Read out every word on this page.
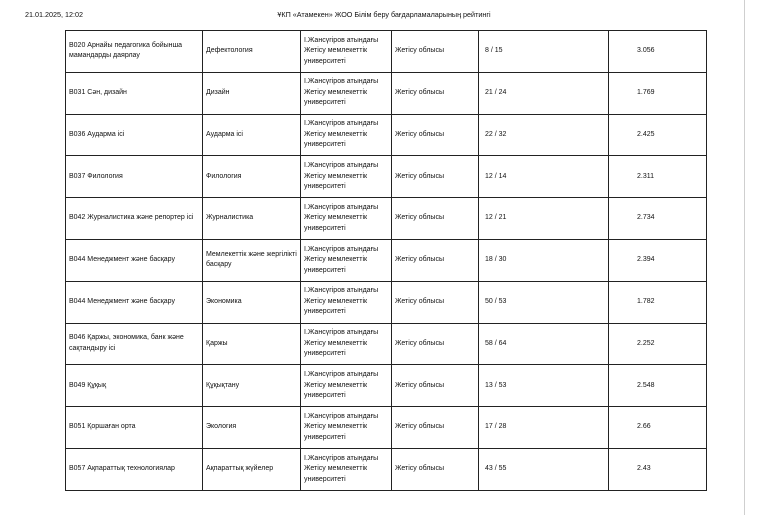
21.01.2025, 12:02	ҰКП «Атамекен» ЖОО Білім беру бағдарламаларының рейтингі
B020 Арнайы педагогика бойынша мамандарды даярлау	Дефектология	І.Жансүгіров атындағы Жетісу мемлекеттік университеті	Жетісу облысы	8 / 15	3.056
B031 Сән, дизайн	Дизайн	І.Жансүгіров атындағы Жетісу мемлекеттік университеті	Жетісу облысы	21 / 24	1.769
B036 Аударма ісі	Аударма ісі	І.Жансүгіров атындағы Жетісу мемлекеттік университеті	Жетісу облысы	22 / 32	2.425
B037 Филология	Филология	І.Жансүгіров атындағы Жетісу мемлекеттік университеті	Жетісу облысы	12 / 14	2.311
B042 Журналистика және репортер ісі	Журналистика	І.Жансүгіров атындағы Жетісу мемлекеттік университеті	Жетісу облысы	12 / 21	2.734
B044 Менеджмент және басқару	Мемлекеттік және жергілікті басқару	І.Жансүгіров атындағы Жетісу мемлекеттік университеті	Жетісу облысы	18 / 30	2.394
B044 Менеджмент және басқару	Экономика	І.Жансүгіров атындағы Жетісу мемлекеттік университеті	Жетісу облысы	50 / 53	1.782
B046 Қаржы, экономика, банк және сақтандыру ісі	Қаржы	І.Жансүгіров атындағы Жетісу мемлекеттік университеті	Жетісу облысы	58 / 64	2.252
B049 Құқық	Құқықтану	І.Жансүгіров атындағы Жетісу мемлекеттік университеті	Жетісу облысы	13 / 53	2.548
B051 Қоршаған орта	Экология	І.Жансүгіров атындағы Жетісу мемлекеттік университеті	Жетісу облысы	17 / 28	2.66
B057 Ақпараттық технологиялар	Ақпараттық жүйелер	І.Жансүгіров атындағы Жетісу мемлекеттік университеті	Жетісу облысы	43 / 55	2.43
